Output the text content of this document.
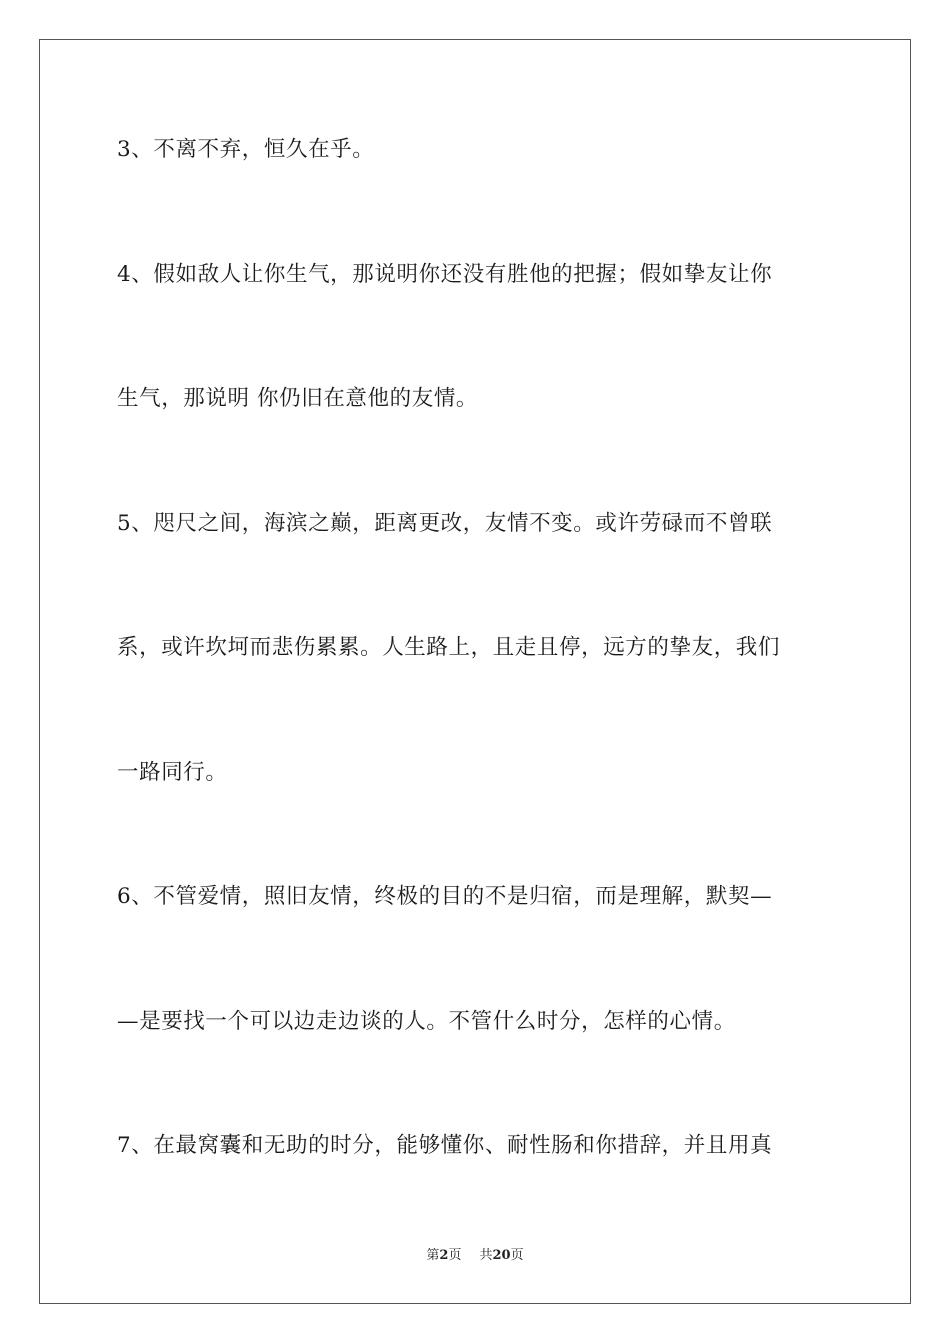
3、不离不弃，恒久在乎。
4、假如敌人让你生气，那说明你还没有胜他的把握；假如挚友让你
生气，那说明 你仍旧在意他的友情。
5、咫尺之间，海滨之巅，距离更改，友情不变。或许劳碌而不曾联
系，或许坎坷而悲伤累累。人生路上，且走且停，远方的挚友，我们
一路同行。
6、不管爱情，照旧友情，终极的目的不是归宿，而是理解，默契—
—是要找一个可以边走边谈的人。不管什么时分，怎样的心情。
7、在最窝囊和无助的时分，能够懂你、耐性肠和你措辞，并且用真
第2页 共20页
